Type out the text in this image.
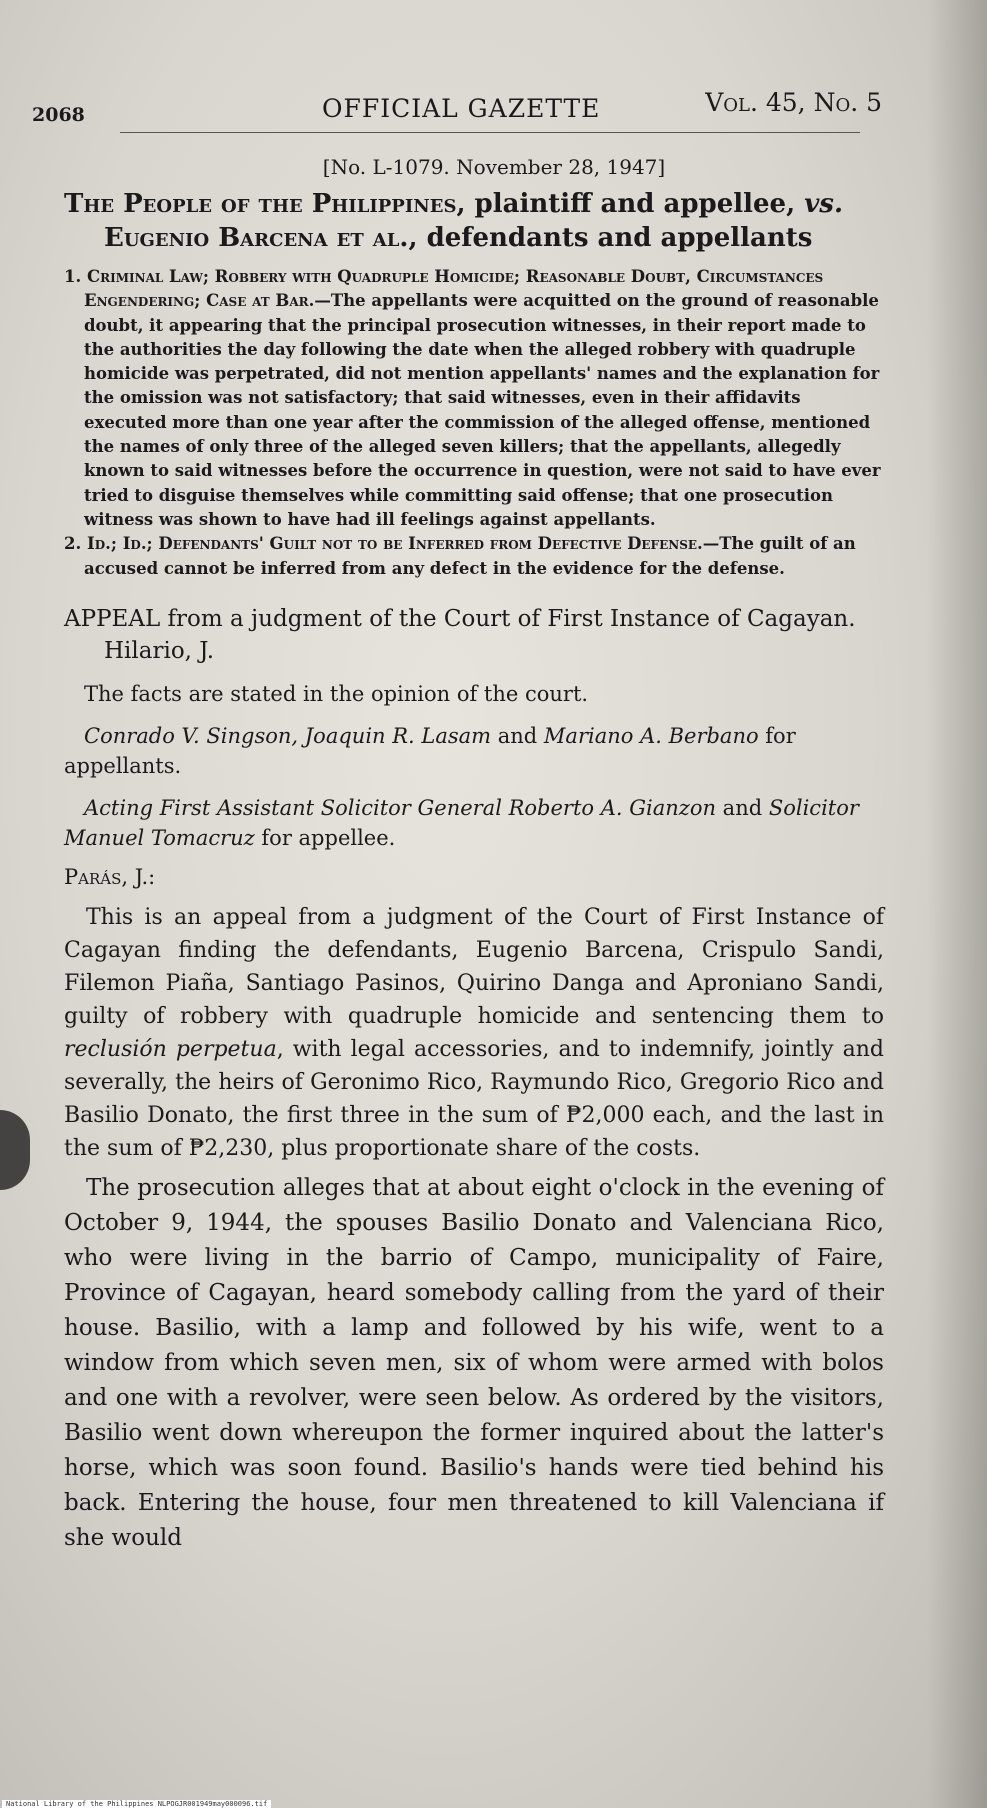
2068	OFFICIAL GAZETTE	Vol. 45, No. 5

[No. L-1079. November 28, 1947]

The People of the Philippines, plaintiff and appellee, vs. Eugenio Barcena et al., defendants and appellants

1. Criminal Law; Robbery with Quadruple Homicide; Reasonable Doubt, Circumstances Engendering; Case at Bar.—The appellants were acquitted on the ground of reasonable doubt, it appearing that the principal prosecution witnesses, in their report made to the authorities the day following the date when the alleged robbery with quadruple homicide was perpetrated, did not mention appellants' names and the explanation for the omission was not satisfactory; that said witnesses, even in their affidavits executed more than one year after the commission of the alleged offense, mentioned the names of only three of the alleged seven killers; that the appellants, allegedly known to said witnesses before the occurrence in question, were not said to have ever tried to disguise themselves while committing said offense; that one prosecution witness was shown to have had ill feelings against appellants.

2. Id.; Id.; Defendants' Guilt not to be Inferred from Defective Defense.—The guilt of an accused cannot be inferred from any defect in the evidence for the defense.

APPEAL from a judgment of the Court of First Instance of Cagayan. Hilario, J.

The facts are stated in the opinion of the court.

Conrado V. Singson, Joaquin R. Lasam and Mariano A. Berbano for appellants.

Acting First Assistant Solicitor General Roberto A. Gianzon and Solicitor Manuel Tomacruz for appellee.

Parás, J.:

This is an appeal from a judgment of the Court of First Instance of Cagayan finding the defendants, Eugenio Barcena, Crispulo Sandi, Filemon Piaña, Santiago Pasinos, Quirino Danga and Aproniano Sandi, guilty of robbery with quadruple homicide and sentencing them to reclusión perpetua, with legal accessories, and to indemnify, jointly and severally, the heirs of Geronimo Rico, Raymundo Rico, Gregorio Rico and Basilio Donato, the first three in the sum of ₱2,000 each, and the last in the sum of ₱2,230, plus proportionate share of the costs.

The prosecution alleges that at about eight o'clock in the evening of October 9, 1944, the spouses Basilio Donato and Valenciana Rico, who were living in the barrio of Campo, municipality of Faire, Province of Cagayan, heard somebody calling from the yard of their house. Basilio, with a lamp and followed by his wife, went to a window from which seven men, six of whom were armed with bolos and one with a revolver, were seen below. As ordered by the visitors, Basilio went down whereupon the former inquired about the latter's horse, which was soon found. Basilio's hands were tied behind his back. Entering the house, four men threatened to kill Valenciana if she would

National Library of the Philippines NLPOGJR001949may000096.tif
